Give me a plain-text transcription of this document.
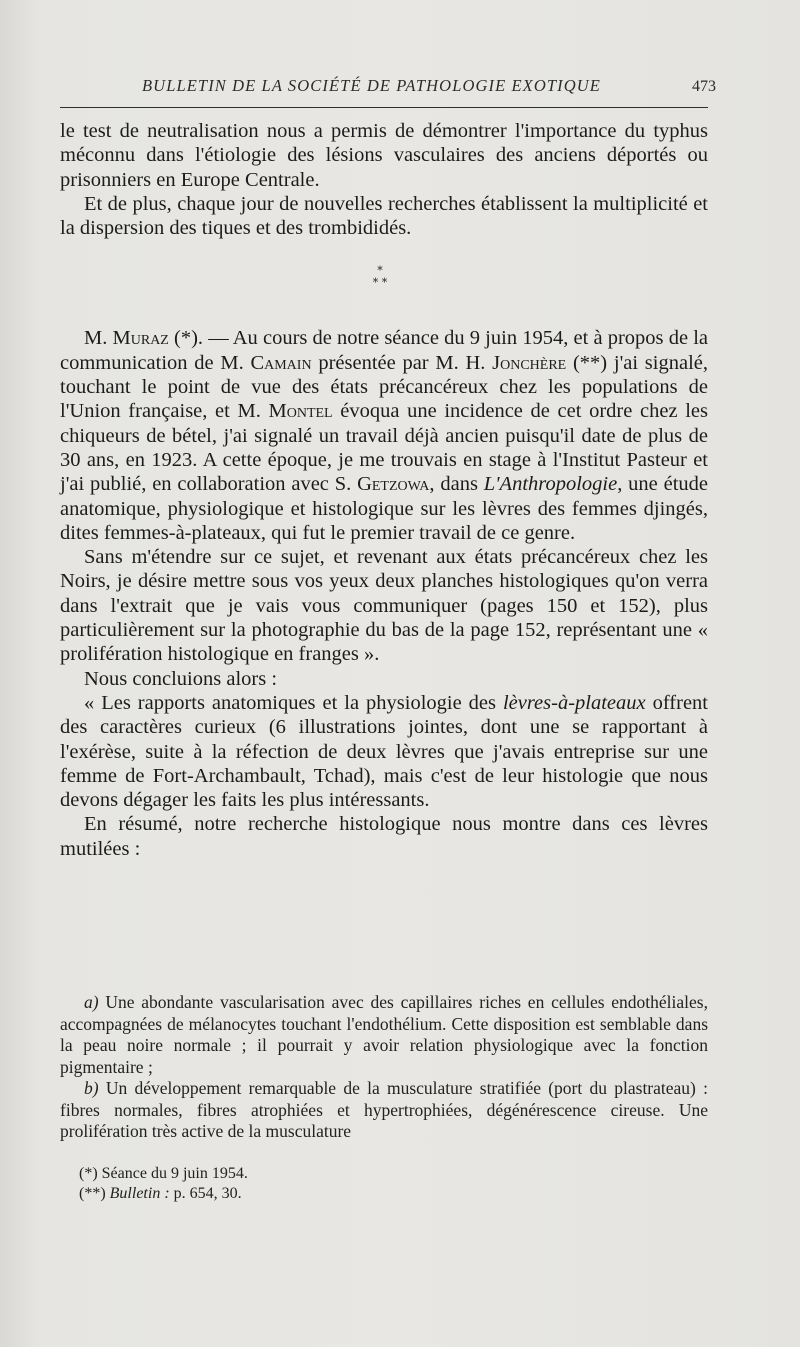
BULLETIN DE LA SOCIÉTÉ DE PATHOLOGIE EXOTIQUE	473

le test de neutralisation nous a permis de démontrer l'importance du typhus méconnu dans l'étiologie des lésions vasculaires des anciens déportés ou prisonniers en Europe Centrale.

Et de plus, chaque jour de nouvelles recherches établissent la multiplicité et la dispersion des tiques et des trombididés.

M. Muraz (*). — Au cours de notre séance du 9 juin 1954, et à propos de la communication de M. Camain présentée par M. H. Jonchère (**) j'ai signalé, touchant le point de vue des états précancéreux chez les populations de l'Union française, et M. Montel évoqua une incidence de cet ordre chez les chiqueurs de bétel, j'ai signalé un travail déjà ancien puisqu'il date de plus de 30 ans, en 1923. A cette époque, je me trouvais en stage à l'Institut Pasteur et j'ai publié, en collaboration avec S. Getzowa, dans L'Anthropologie, une étude anatomique, physiologique et histologique sur les lèvres des femmes djingés, dites femmes-à-plateaux, qui fut le premier travail de ce genre.

Sans m'étendre sur ce sujet, et revenant aux états précancéreux chez les Noirs, je désire mettre sous vos yeux deux planches histologiques qu'on verra dans l'extrait que je vais vous communiquer (pages 150 et 152), plus particulièrement sur la photographie du bas de la page 152, représentant une « prolifération histologique en franges ».

Nous concluions alors :

« Les rapports anatomiques et la physiologie des lèvres-à-plateaux offrent des caractères curieux (6 illustrations jointes, dont une se rapportant à l'exérèse, suite à la réfection de deux lèvres que j'avais entreprise sur une femme de Fort-Archambault, Tchad), mais c'est de leur histologie que nous devons dégager les faits les plus intéressants.

En résumé, notre recherche histologique nous montre dans ces lèvres mutilées :

*
* *

a) Une abondante vascularisation avec des capillaires riches en cellules endothéliales, accompagnées de mélanocytes touchant l'endothélium. Cette disposition est semblable dans la peau noire normale ; il pourrait y avoir relation physiologique avec la fonction pigmentaire ;

b) Un développement remarquable de la musculature stratifiée (port du plastrateau) : fibres normales, fibres atrophiées et hypertrophiées, dégénérescence cireuse. Une prolifération très active de la musculature

(*) Séance du 9 juin 1954.
(**) Bulletin : p. 654, 30.
